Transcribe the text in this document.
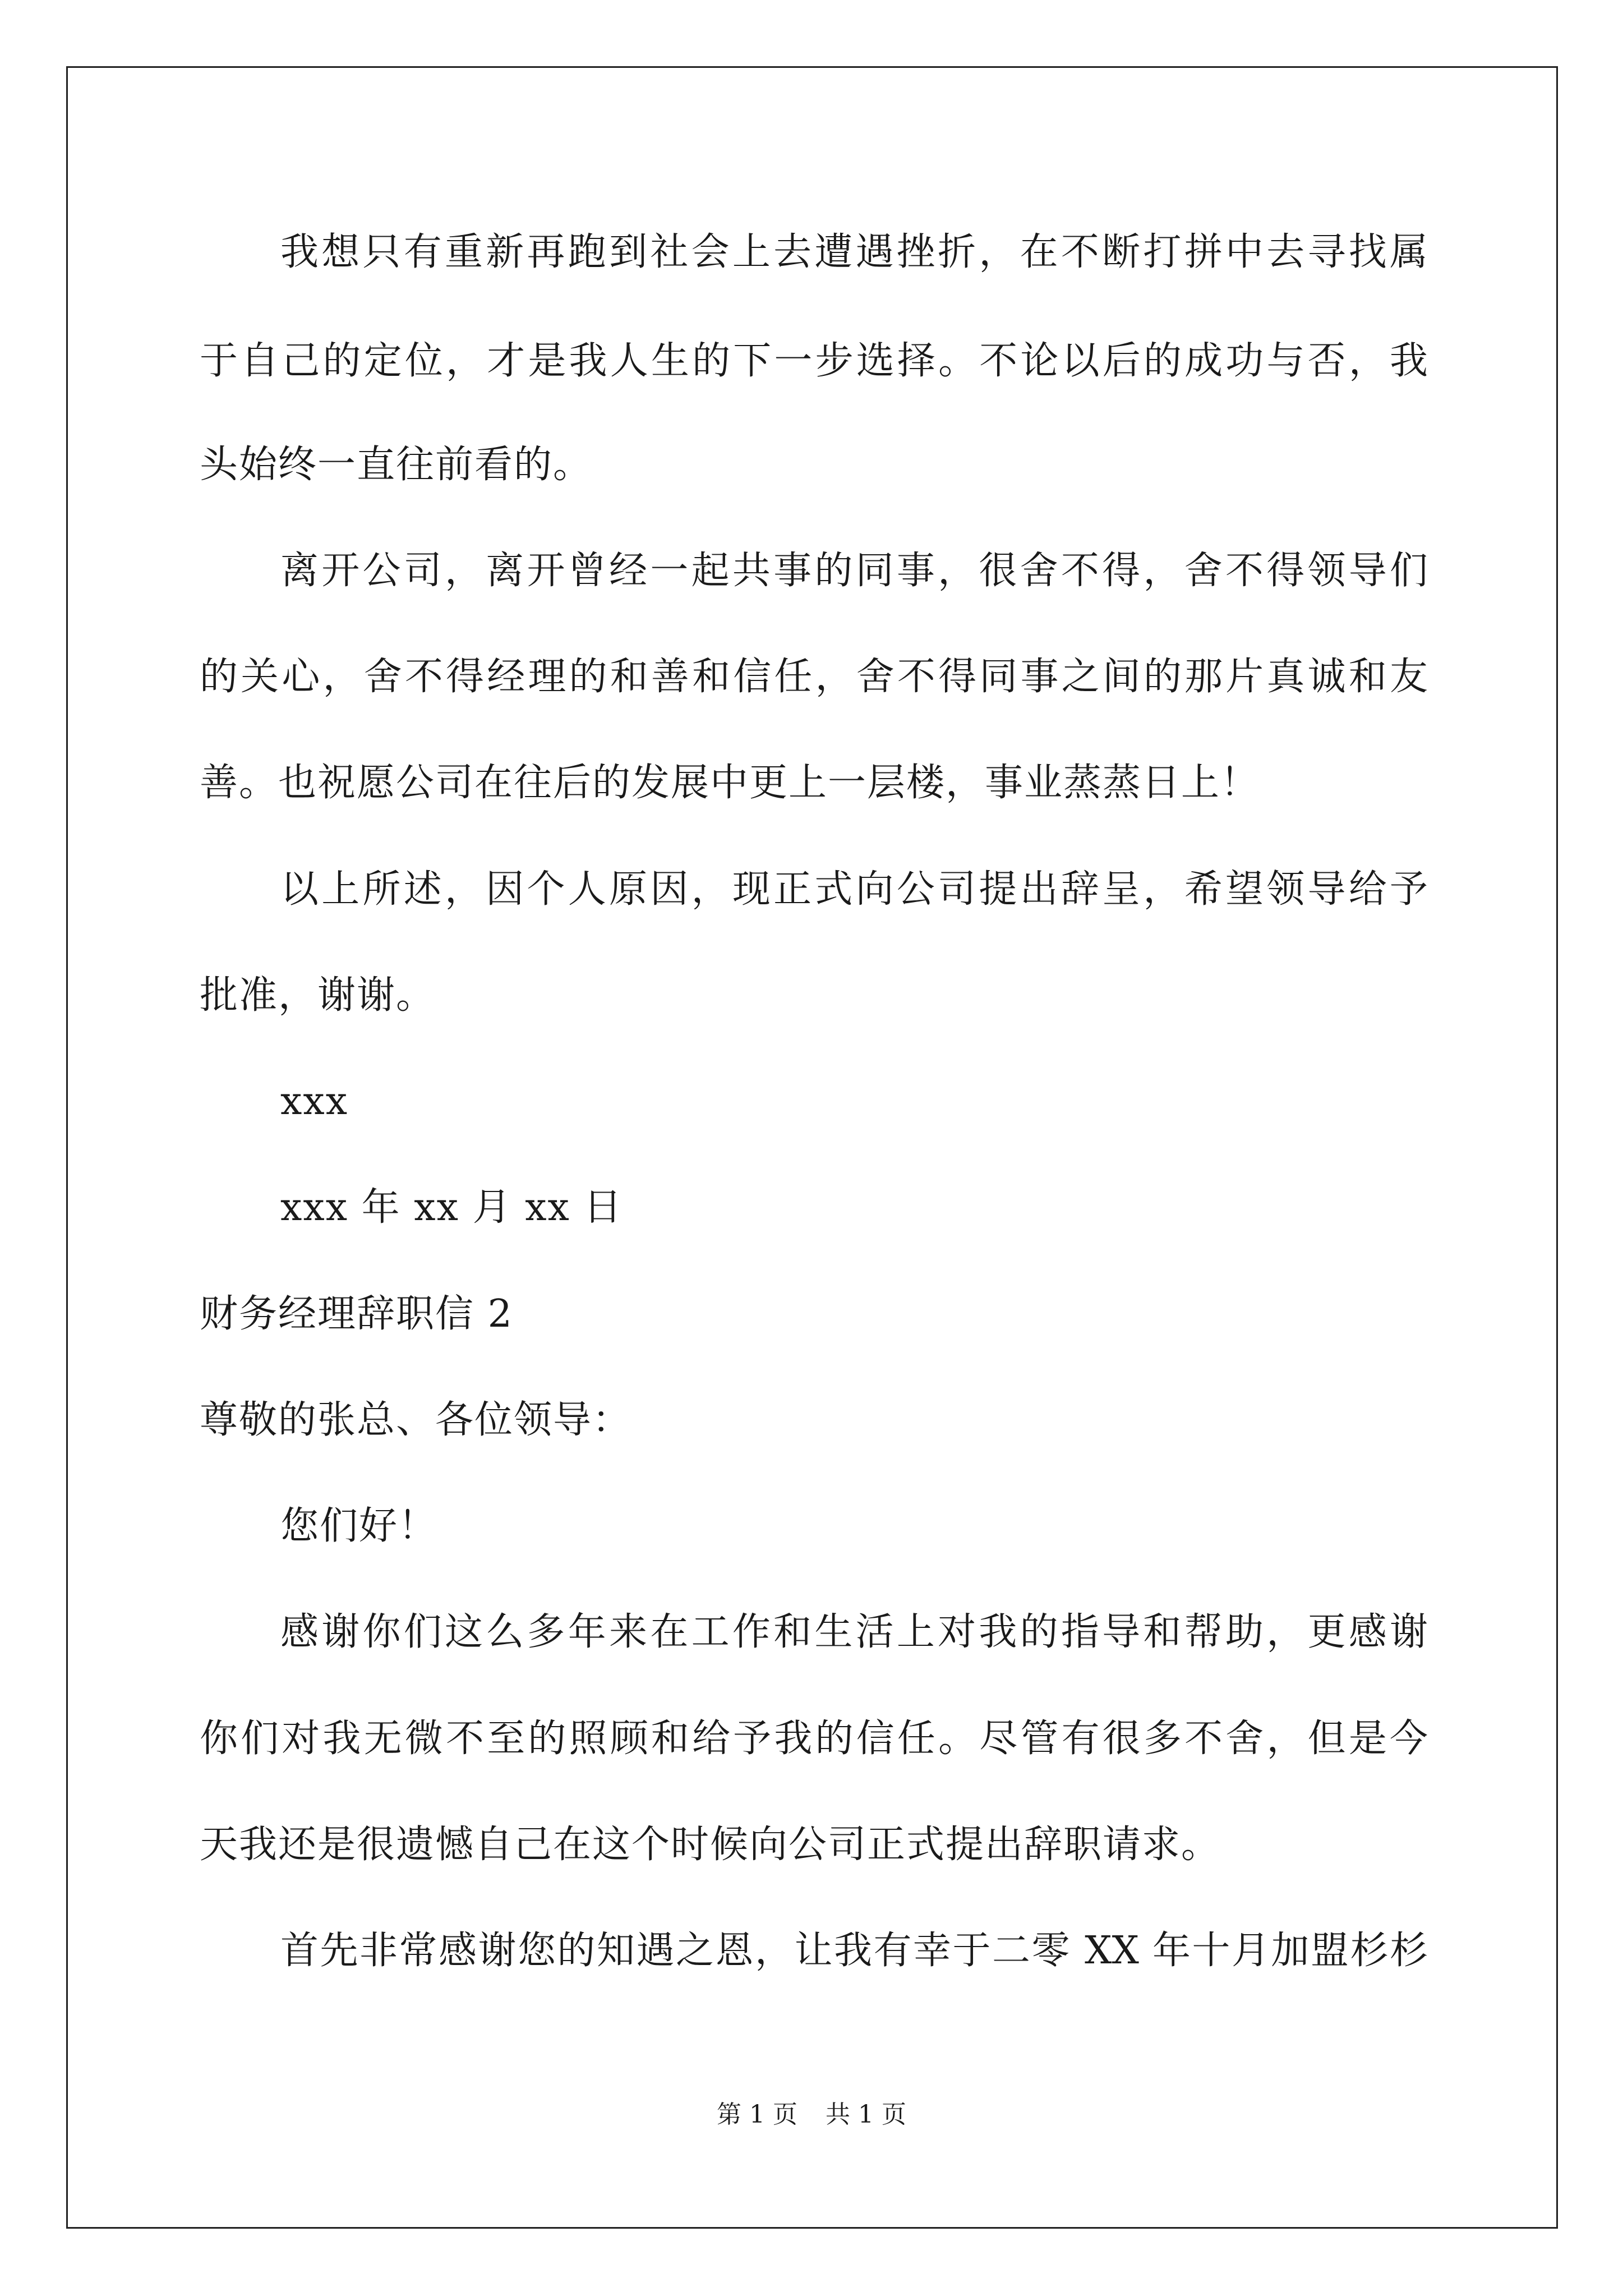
我想只有重新再跑到社会上去遭遇挫折，在不断打拼中去寻找属
于自己的定位，才是我人生的下一步选择。不论以后的成功与否，我
头始终一直往前看的。
离开公司，离开曾经一起共事的同事，很舍不得，舍不得领导们
的关心，舍不得经理的和善和信任，舍不得同事之间的那片真诚和友
善。也祝愿公司在往后的发展中更上一层楼，事业蒸蒸日上！
以上所述，因个人原因，现正式向公司提出辞呈，希望领导给予
批准，谢谢。
xxx
xxx 年 xx 月 xx 日
财务经理辞职信 2
尊敬的张总、各位领导：
您们好！
感谢你们这么多年来在工作和生活上对我的指导和帮助，更感谢
你们对我无微不至的照顾和给予我的信任。尽管有很多不舍，但是今
天我还是很遗憾自己在这个时候向公司正式提出辞职请求。
首先非常感谢您的知遇之恩，让我有幸于二零 XX 年十月加盟杉杉
第 1 页 共 1 页
